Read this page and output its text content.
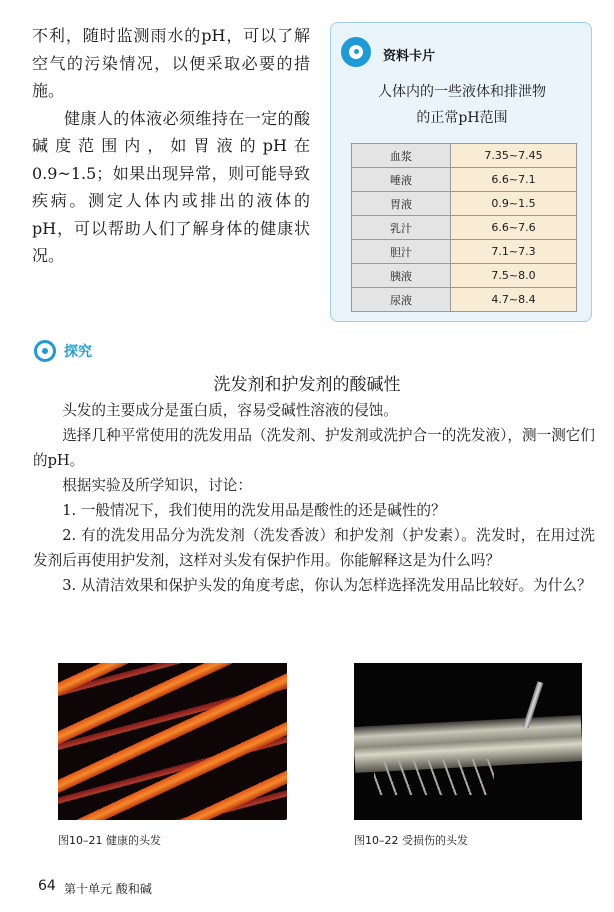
不利，随时监测雨水的pH，可以了解空气的污染情况，以便采取必要的措施。

健康人的体液必须维持在一定的酸碱度范围内，如胃液的pH在0.9~1.5；如果出现异常，则可能导致疾病。测定人体内或排出的液体的pH，可以帮助人们了解身体的健康状况。

资料卡片
人体内的一些液体和排泄物
的正常pH范围
血浆	7.35~7.45
唾液	6.6~7.1
胃液	0.9~1.5
乳汁	6.6~7.6
胆汁	7.1~7.3
胰液	7.5~8.0
尿液	4.7~8.4
探究
洗发剂和护发剂的酸碱性

头发的主要成分是蛋白质，容易受碱性溶液的侵蚀。

选择几种平常使用的洗发用品（洗发剂、护发剂或洗护合一的洗发液），测一测它们的pH。

根据实验及所学知识，讨论：

1. 一般情况下，我们使用的洗发用品是酸性的还是碱性的？

2. 有的洗发用品分为洗发剂（洗发香波）和护发剂（护发素）。洗发时，在用过洗发剂后再使用护发剂，这样对头发有保护作用。你能解释这是为什么吗？

3. 从清洁效果和保护头发的角度考虑，你认为怎样选择洗发用品比较好。为什么？

图10–21 健康的头发	图10–22 受损伤的头发
64 第十单元 酸和碱
